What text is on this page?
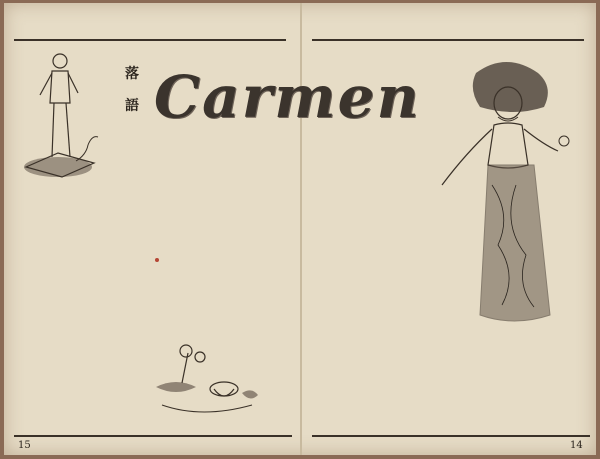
落
語 Carmen
15	14
